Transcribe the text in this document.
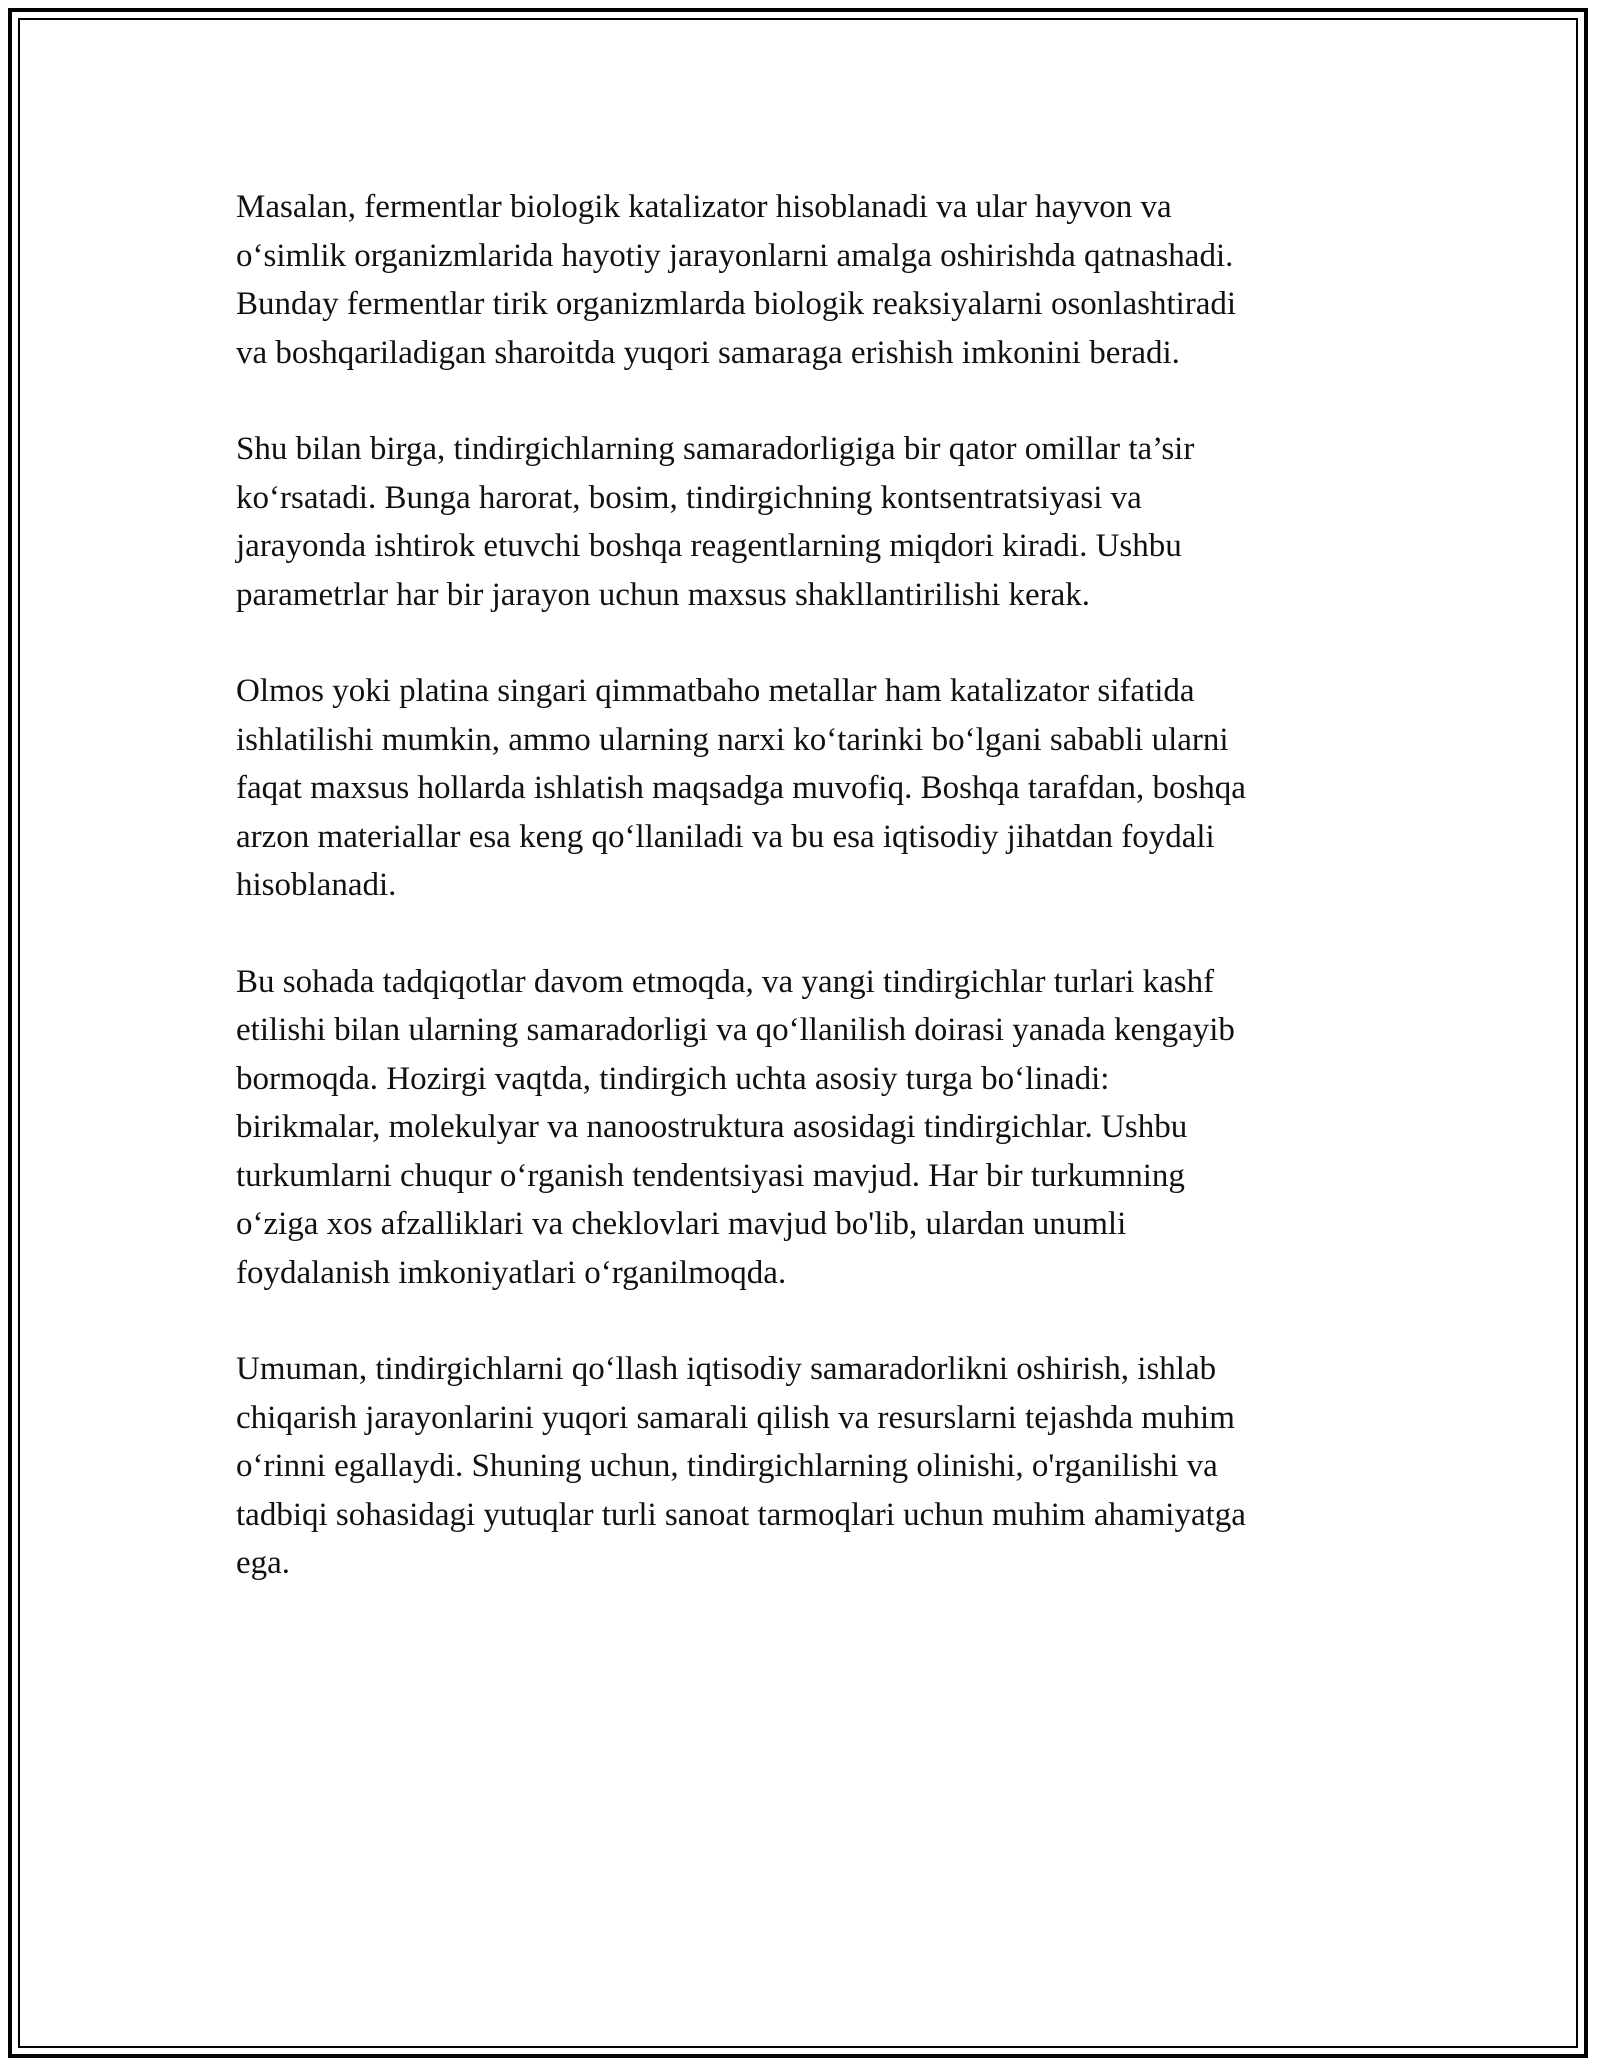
Masalan, fermentlar biologik katalizator hisoblanadi va ular hayvon va
o‘simlik organizmlarida hayotiy jarayonlarni amalga oshirishda qatnashadi.
Bunday fermentlar tirik organizmlarda biologik reaksiyalarni osonlashtiradi
va boshqariladigan sharoitda yuqori samaraga erishish imkonini beradi.

Shu bilan birga, tindirgichlarning samaradorligiga bir qator omillar ta’sir
ko‘rsatadi. Bunga harorat, bosim, tindirgichning kontsentratsiyasi va
jarayonda ishtirok etuvchi boshqa reagentlarning miqdori kiradi. Ushbu
parametrlar har bir jarayon uchun maxsus shakllantirilishi kerak.

Olmos yoki platina singari qimmatbaho metallar ham katalizator sifatida
ishlatilishi mumkin, ammo ularning narxi ko‘tarinki bo‘lgani sababli ularni
faqat maxsus hollarda ishlatish maqsadga muvofiq. Boshqa tarafdan, boshqa
arzon materiallar esa keng qo‘llaniladi va bu esa iqtisodiy jihatdan foydali
hisoblanadi.

Bu sohada tadqiqotlar davom etmoqda, va yangi tindirgichlar turlari kashf
etilishi bilan ularning samaradorligi va qo‘llanilish doirasi yanada kengayib
bormoqda. Hozirgi vaqtda, tindirgich uchta asosiy turga bo‘linadi:
birikmalar, molekulyar va nanoostruktura asosidagi tindirgichlar. Ushbu
turkumlarni chuqur o‘rganish tendentsiyasi mavjud. Har bir turkumning
o‘ziga xos afzalliklari va cheklovlari mavjud bo'lib, ulardan unumli
foydalanish imkoniyatlari o‘rganilmoqda.

Umuman, tindirgichlarni qo‘llash iqtisodiy samaradorlikni oshirish, ishlab
chiqarish jarayonlarini yuqori samarali qilish va resurslarni tejashda muhim
o‘rinni egallaydi. Shuning uchun, tindirgichlarning olinishi, o'rganilishi va
tadbiqi sohasidagi yutuqlar turli sanoat tarmoqlari uchun muhim ahamiyatga
ega.
